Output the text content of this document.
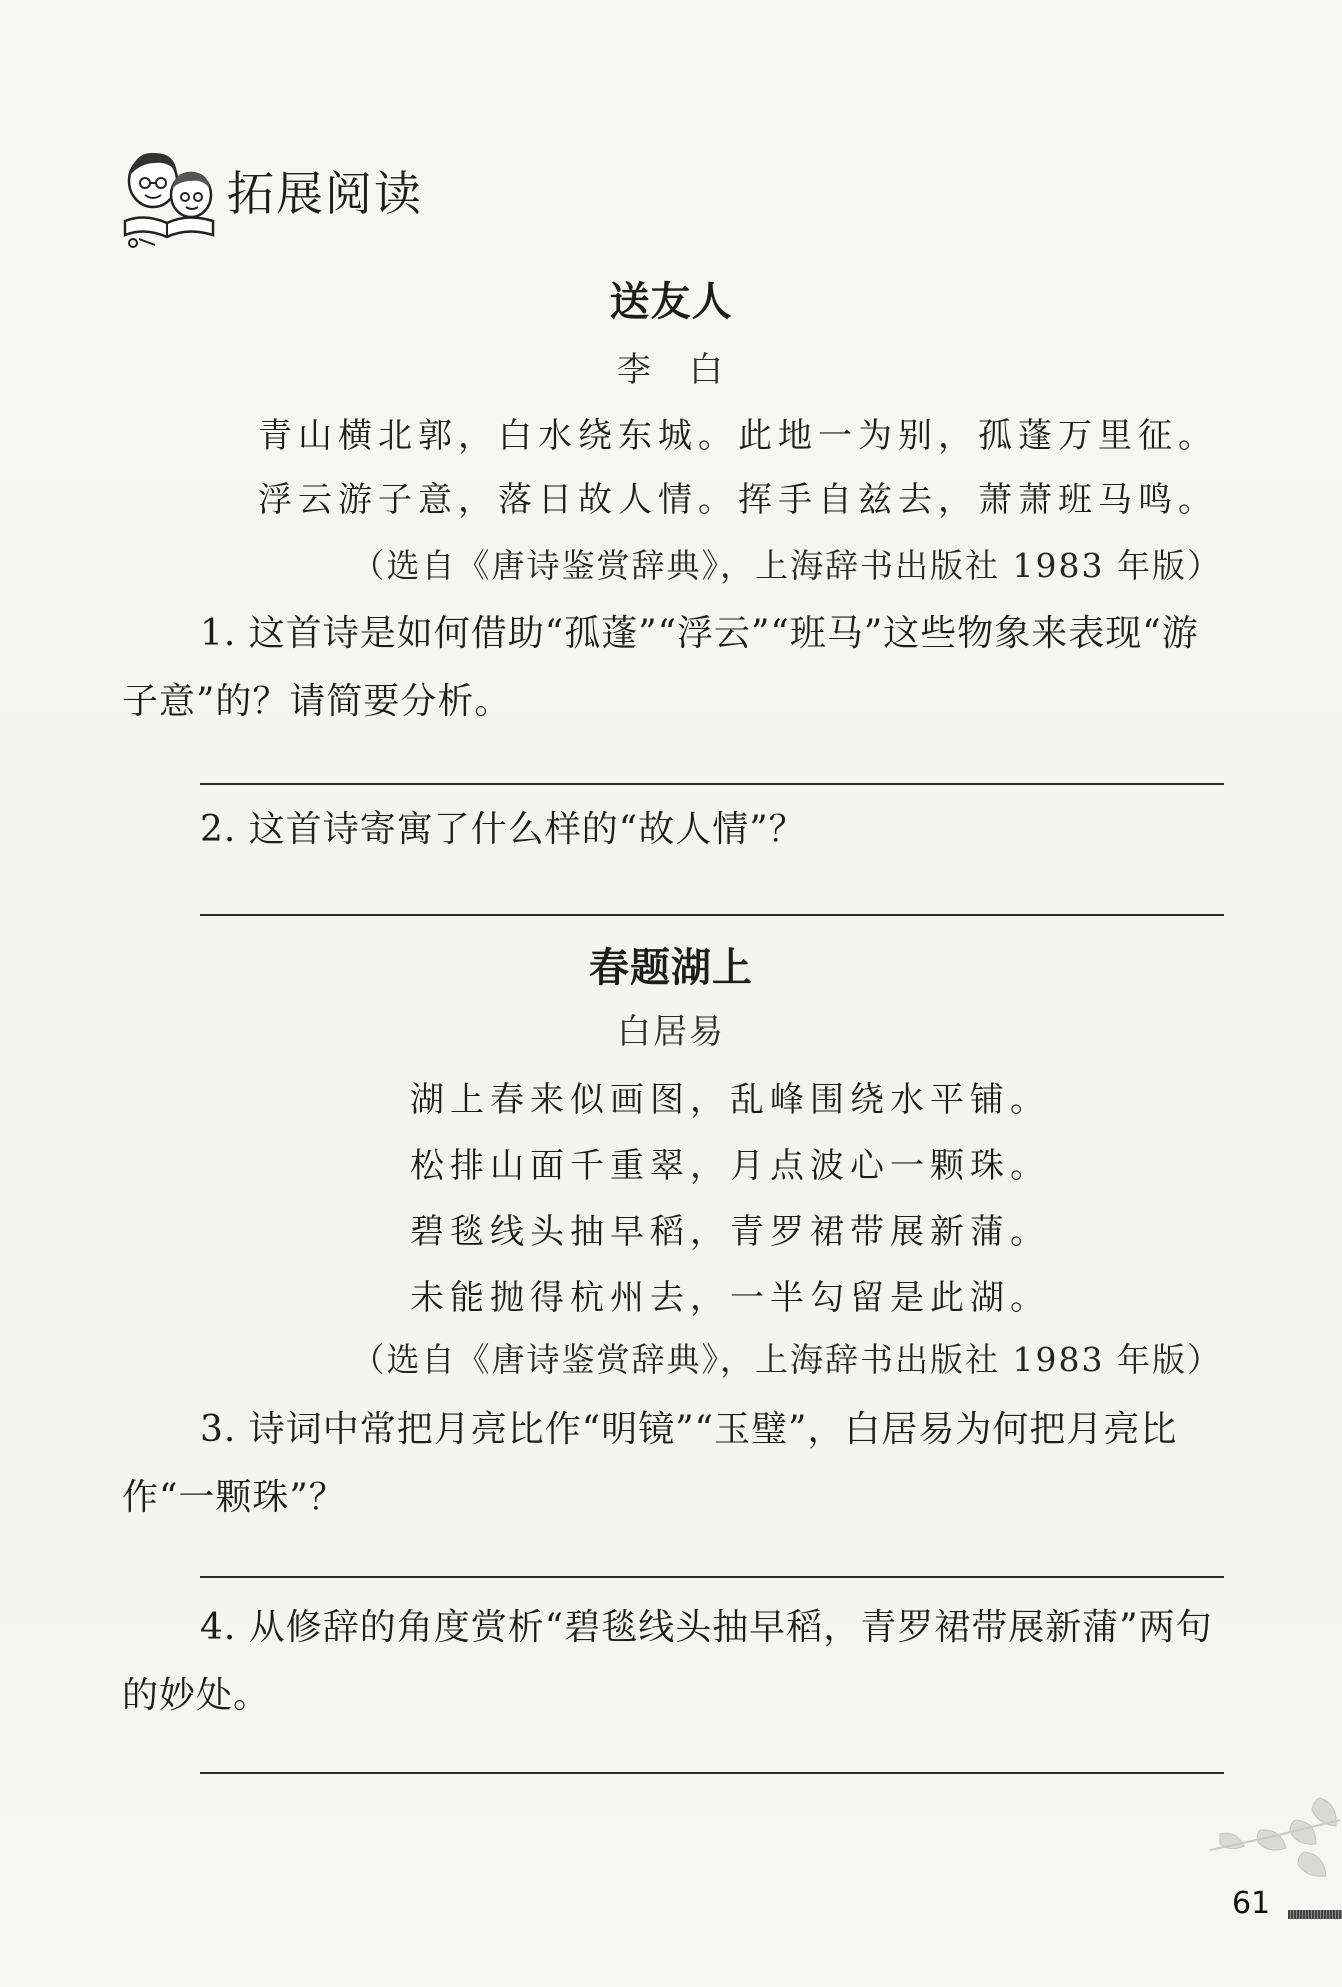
拓展阅读
送友人
李　白
青山横北郭，白水绕东城。此地一为别，孤蓬万里征。
浮云游子意，落日故人情。挥手自兹去，萧萧班马鸣。
（选自《唐诗鉴赏辞典》，上海辞书出版社 1983 年版）
1. 这首诗是如何借助“孤蓬”“浮云”“班马”这些物象来表现“游子意”的？请简要分析。
2. 这首诗寄寓了什么样的“故人情”？
春题湖上
白居易
湖上春来似画图，乱峰围绕水平铺。
松排山面千重翠，月点波心一颗珠。
碧毯线头抽早稻，青罗裙带展新蒲。
未能抛得杭州去，一半勾留是此湖。
（选自《唐诗鉴赏辞典》，上海辞书出版社 1983 年版）
3. 诗词中常把月亮比作“明镜”“玉璧”，白居易为何把月亮比作“一颗珠”？
4. 从修辞的角度赏析“碧毯线头抽早稻，青罗裙带展新蒲”两句的妙处。
61
